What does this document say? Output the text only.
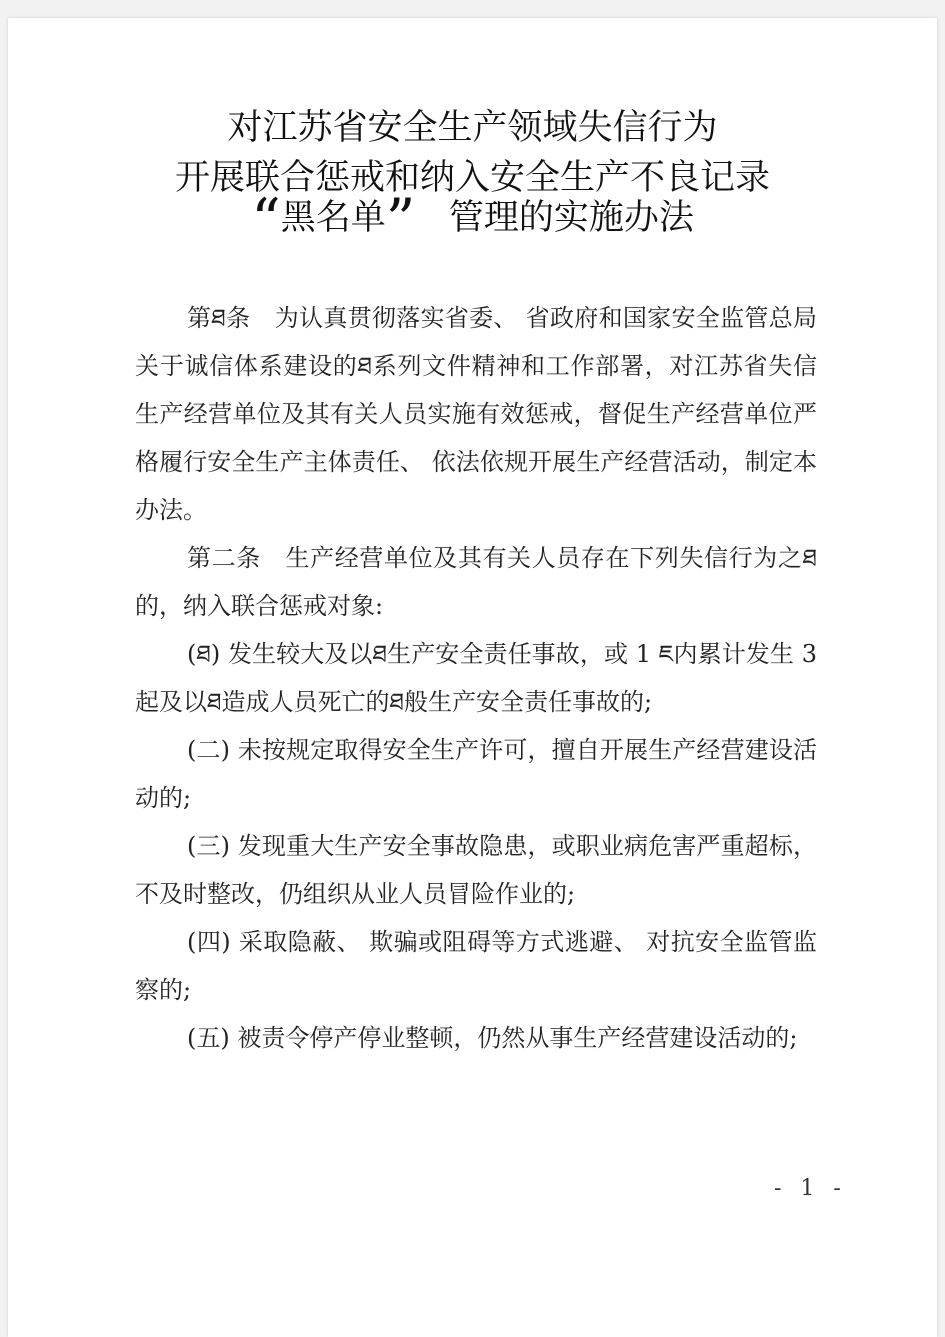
对江苏省安全生产领域失信行为
开展联合惩戒和纳入安全生产不良记录
“黑名单” 管理的实施办法

第ཐ条　为认真贯彻落实省委、 省政府和国家安全监管总局关于诚信体系建设的ཐ系列文件精神和工作部署，对江苏省失信生产经营单位及其有关人员实施有效惩戒，督促生产经营单位严格履行安全生产主体责任、 依法依规开展生产经营活动，制定本办法。

第二条　生产经营单位及其有关人员存在下列失信行为之ཐ的，纳入联合惩戒对象:

(ཐ) 发生较大及以ཐ生产安全责任事故，或 1 ཇ内累计发生 3 起及以ཐ造成人员死亡的ཐ般生产安全责任事故的;

(二) 未按规定取得安全生产许可，擅自开展生产经营建设活动的;

(三) 发现重大生产安全事故隐患，或职业病危害严重超标，不及时整改，仍组织从业人员冒险作业的;

(四) 采取隐蔽、 欺骗或阻碍等方式逃避、 对抗安全监管监察的;

(五) 被责令停产停业整顿，仍然从事生产经营建设活动的;

- 1 -
